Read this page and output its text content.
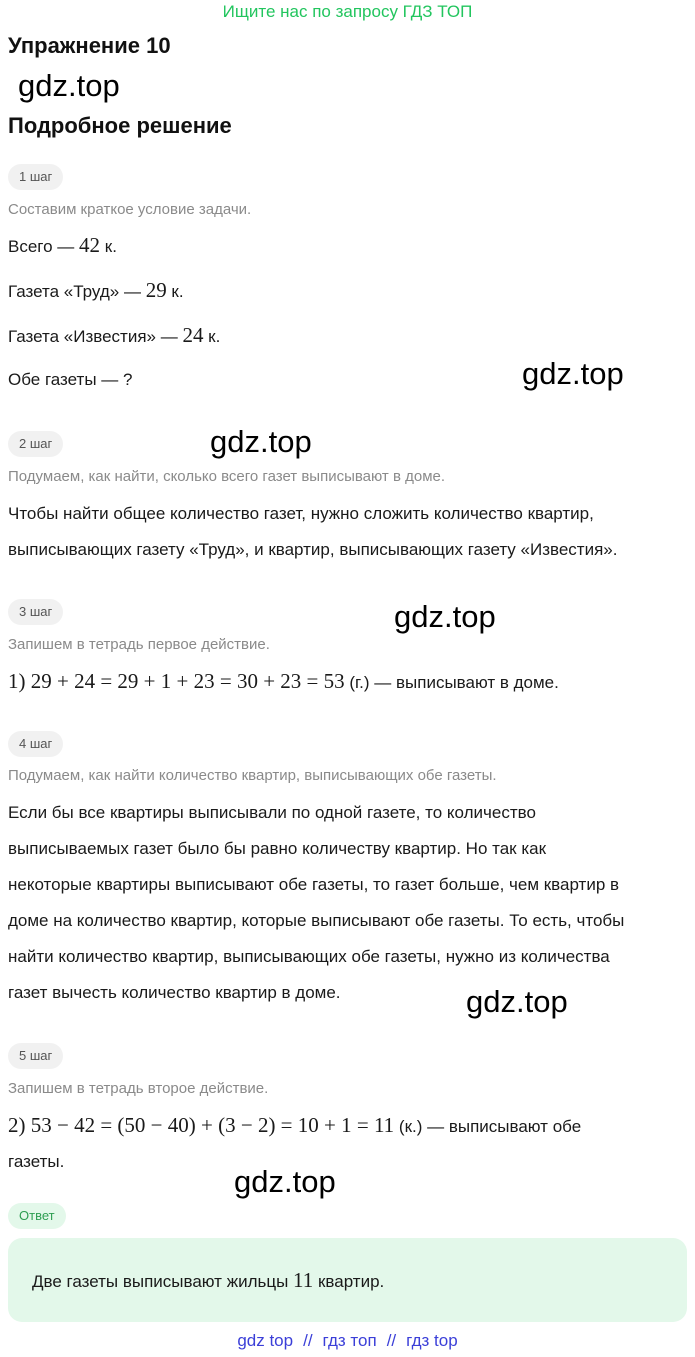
Ищите нас по запросу ГДЗ ТОП
Упражнение 10
gdz.top
Подробное решение
1 шаг
Составим краткое условие задачи.
Всего — 42 к.
Газета «Труд» — 29 к.
Газета «Известия» — 24 к.
Обе газеты — ?	gdz.top
2 шаг	gdz.top
Подумаем, как найти, сколько всего газет выписывают в доме.
Чтобы найти общее количество газет, нужно сложить количество квартир,
выписывающих газету «Труд», и квартир, выписывающих газету «Известия».
3 шаг	gdz.top
Запишем в тетрадь первое действие.
1) 29 + 24 = 29 + 1 + 23 = 30 + 23 = 53 (г.) — выписывают в доме.
4 шаг
Подумаем, как найти количество квартир, выписывающих обе газеты.
Если бы все квартиры выписывали по одной газете, то количество
выписываемых газет было бы равно количеству квартир. Но так как
некоторые квартиры выписывают обе газеты, то газет больше, чем квартир в
доме на количество квартир, которые выписывают обе газеты. То есть, чтобы
найти количество квартир, выписывающих обе газеты, нужно из количества
газет вычесть количество квартир в доме.	gdz.top
5 шаг
Запишем в тетрадь второе действие.
2) 53 − 42 = (50 − 40) + (3 − 2) = 10 + 1 = 11 (к.) — выписывают обе
газеты.
gdz.top
Ответ
Две газеты выписывают жильцы 11 квартир.
gdz top // гдз топ // гдз top
